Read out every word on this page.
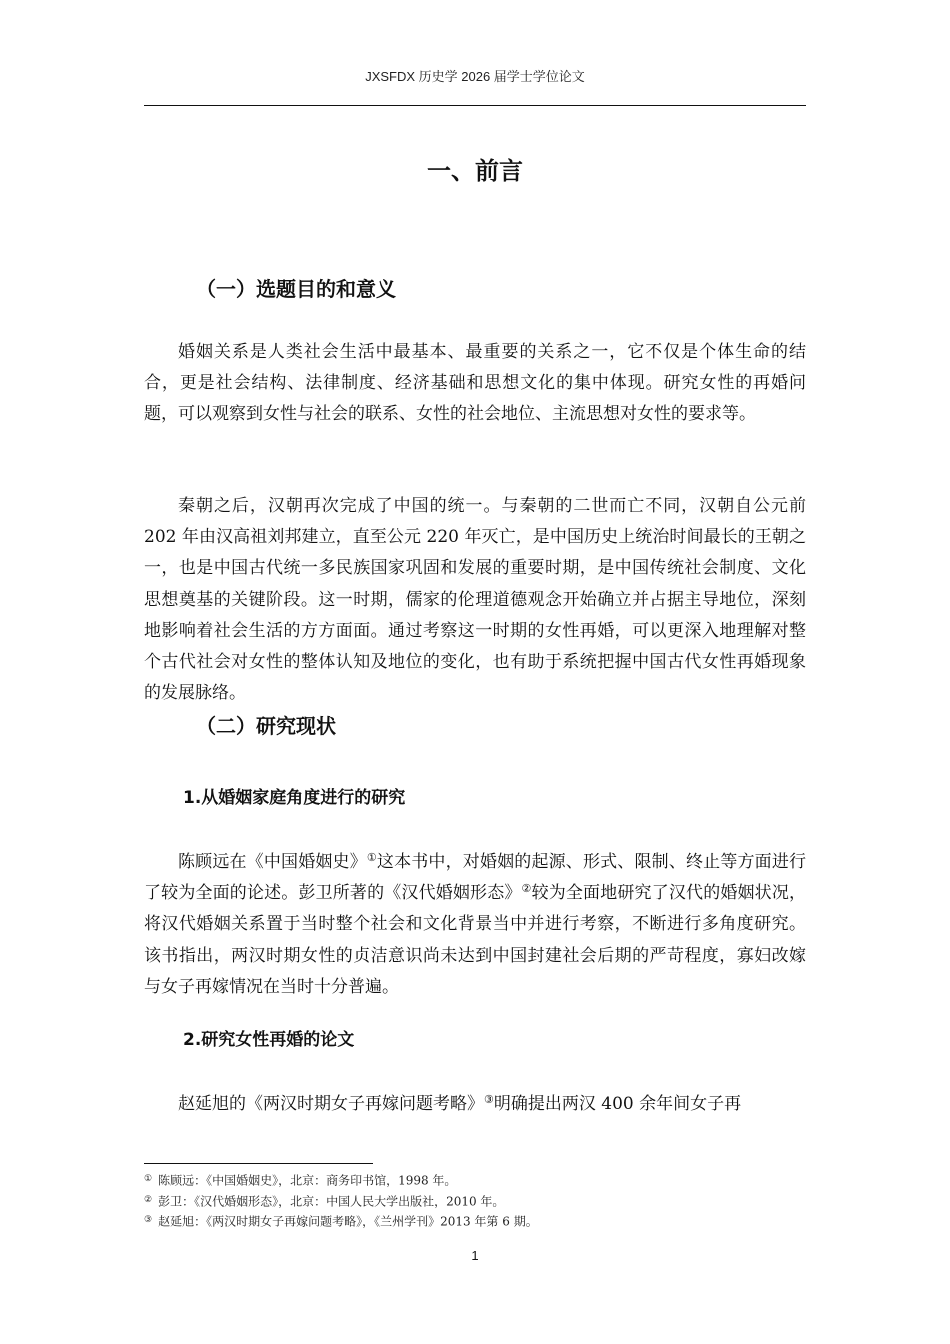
JXSFDX 历史学 2026 届学士学位论文
一、前言
（一）选题目的和意义

婚姻关系是人类社会生活中最基本、最重要的关系之一，它不仅是个体生命的结合，更是社会结构、法律制度、经济基础和思想文化的集中体现。研究女性的再婚问题，可以观察到女性与社会的联系、女性的社会地位、主流思想对女性的要求等。

秦朝之后，汉朝再次完成了中国的统一。与秦朝的二世而亡不同，汉朝自公元前 202 年由汉高祖刘邦建立，直至公元 220 年灭亡，是中国历史上统治时间最长的王朝之一，也是中国古代统一多民族国家巩固和发展的重要时期，是中国传统社会制度、文化思想奠基的关键阶段。这一时期，儒家的伦理道德观念开始确立并占据主导地位，深刻地影响着社会生活的方方面面。通过考察这一时期的女性再婚，可以更深入地理解对整个古代社会对女性的整体认知及地位的变化，也有助于系统把握中国古代女性再婚现象的发展脉络。

（二）研究现状
1.从婚姻家庭角度进行的研究

陈顾远在《中国婚姻史》①这本书中，对婚姻的起源、形式、限制、终止等方面进行了较为全面的论述。彭卫所著的《汉代婚姻形态》②较为全面地研究了汉代的婚姻状况，将汉代婚姻关系置于当时整个社会和文化背景当中并进行考察，不断进行多角度研究。该书指出，两汉时期女性的贞洁意识尚未达到中国封建社会后期的严苛程度，寡妇改嫁与女子再嫁情况在当时十分普遍。

2.研究女性再婚的论文

赵延旭的《两汉时期女子再嫁问题考略》③明确提出两汉 400 余年间女子再

① 陈顾远：《中国婚姻史》，北京：商务印书馆，1998 年。
② 彭卫：《汉代婚姻形态》，北京：中国人民大学出版社，2010 年。
③ 赵延旭：《两汉时期女子再嫁问题考略》，《兰州学刊》2013 年第 6 期。
1
